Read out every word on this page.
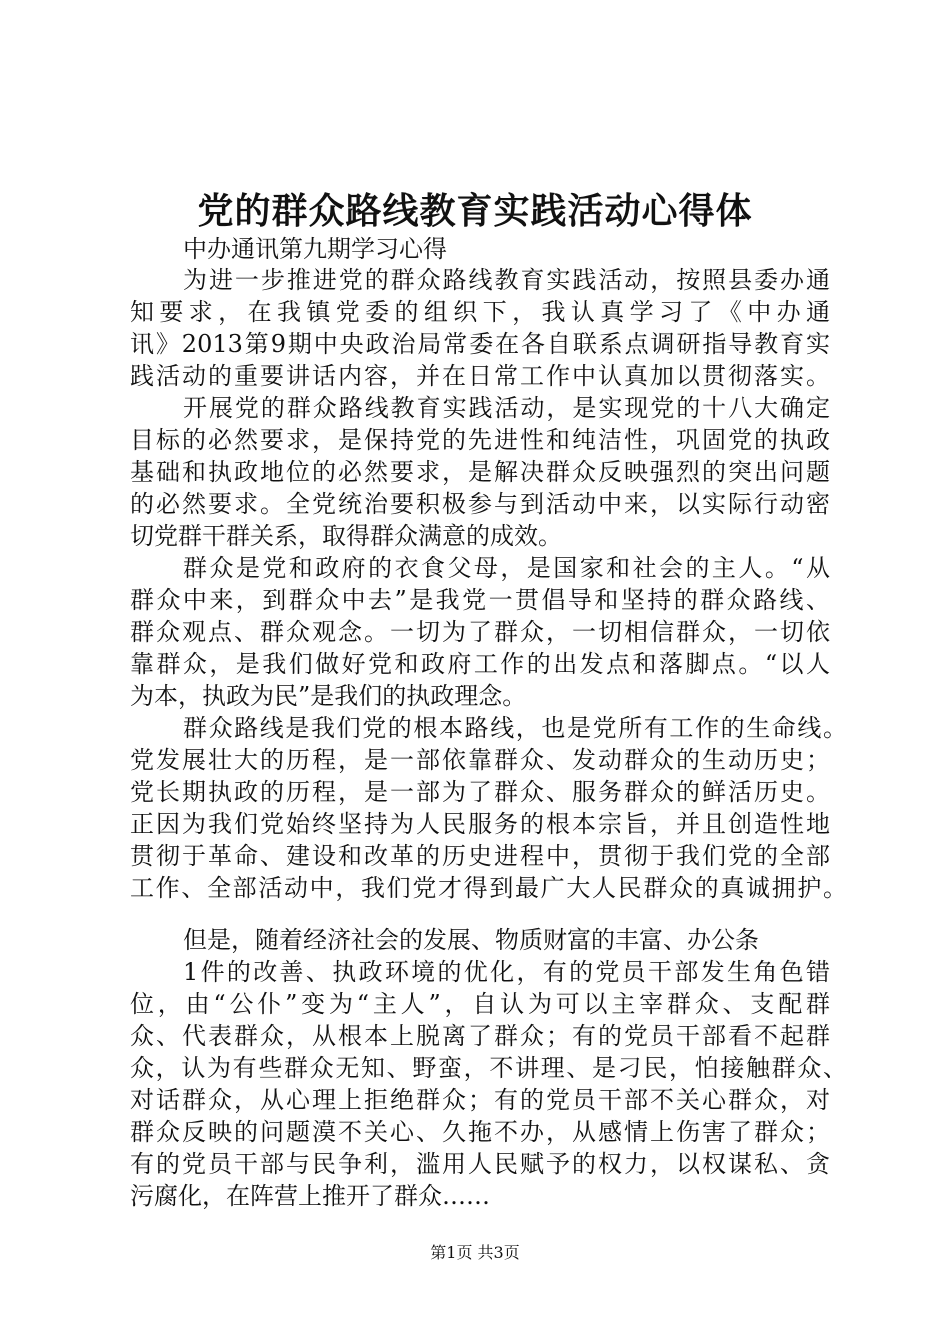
党的群众路线教育实践活动心得体

中办通讯第九期学习心得

为进一步推进党的群众路线教育实践活动，按照县委办通

知要求，在我镇党委的组织下，我认真学习了《中办通

讯》2013第9期中央政治局常委在各自联系点调研指导教育实

践活动的重要讲话内容，并在日常工作中认真加以贯彻落实。

开展党的群众路线教育实践活动，是实现党的十八大确定

目标的必然要求，是保持党的先进性和纯洁性，巩固党的执政

基础和执政地位的必然要求，是解决群众反映强烈的突出问题

的必然要求。全党统治要积极参与到活动中来，以实际行动密

切党群干群关系，取得群众满意的成效。

群众是党和政府的衣食父母，是国家和社会的主人。“从

群众中来，到群众中去”是我党一贯倡导和坚持的群众路线、

群众观点、群众观念。一切为了群众，一切相信群众，一切依

靠群众，是我们做好党和政府工作的出发点和落脚点。“以人

为本，执政为民”是我们的执政理念。

群众路线是我们党的根本路线，也是党所有工作的生命线。

党发展壮大的历程，是一部依靠群众、发动群众的生动历史；

党长期执政的历程，是一部为了群众、服务群众的鲜活历史。

正因为我们党始终坚持为人民服务的根本宗旨，并且创造性地

贯彻于革命、建设和改革的历史进程中，贯彻于我们党的全部

工作、全部活动中，我们党才得到最广大人民群众的真诚拥护。

但是，随着经济社会的发展、物质财富的丰富、办公条

1件的改善、执政环境的优化，有的党员干部发生角色错

位，由“公仆”变为“主人”，自认为可以主宰群众、支配群

众、代表群众，从根本上脱离了群众；有的党员干部看不起群

众，认为有些群众无知、野蛮，不讲理、是刁民，怕接触群众、

对话群众，从心理上拒绝群众；有的党员干部不关心群众，对

群众反映的问题漠不关心、久拖不办，从感情上伤害了群众；

有的党员干部与民争利，滥用人民赋予的权力，以权谋私、贪

污腐化，在阵营上推开了群众……

第1页 共3页
